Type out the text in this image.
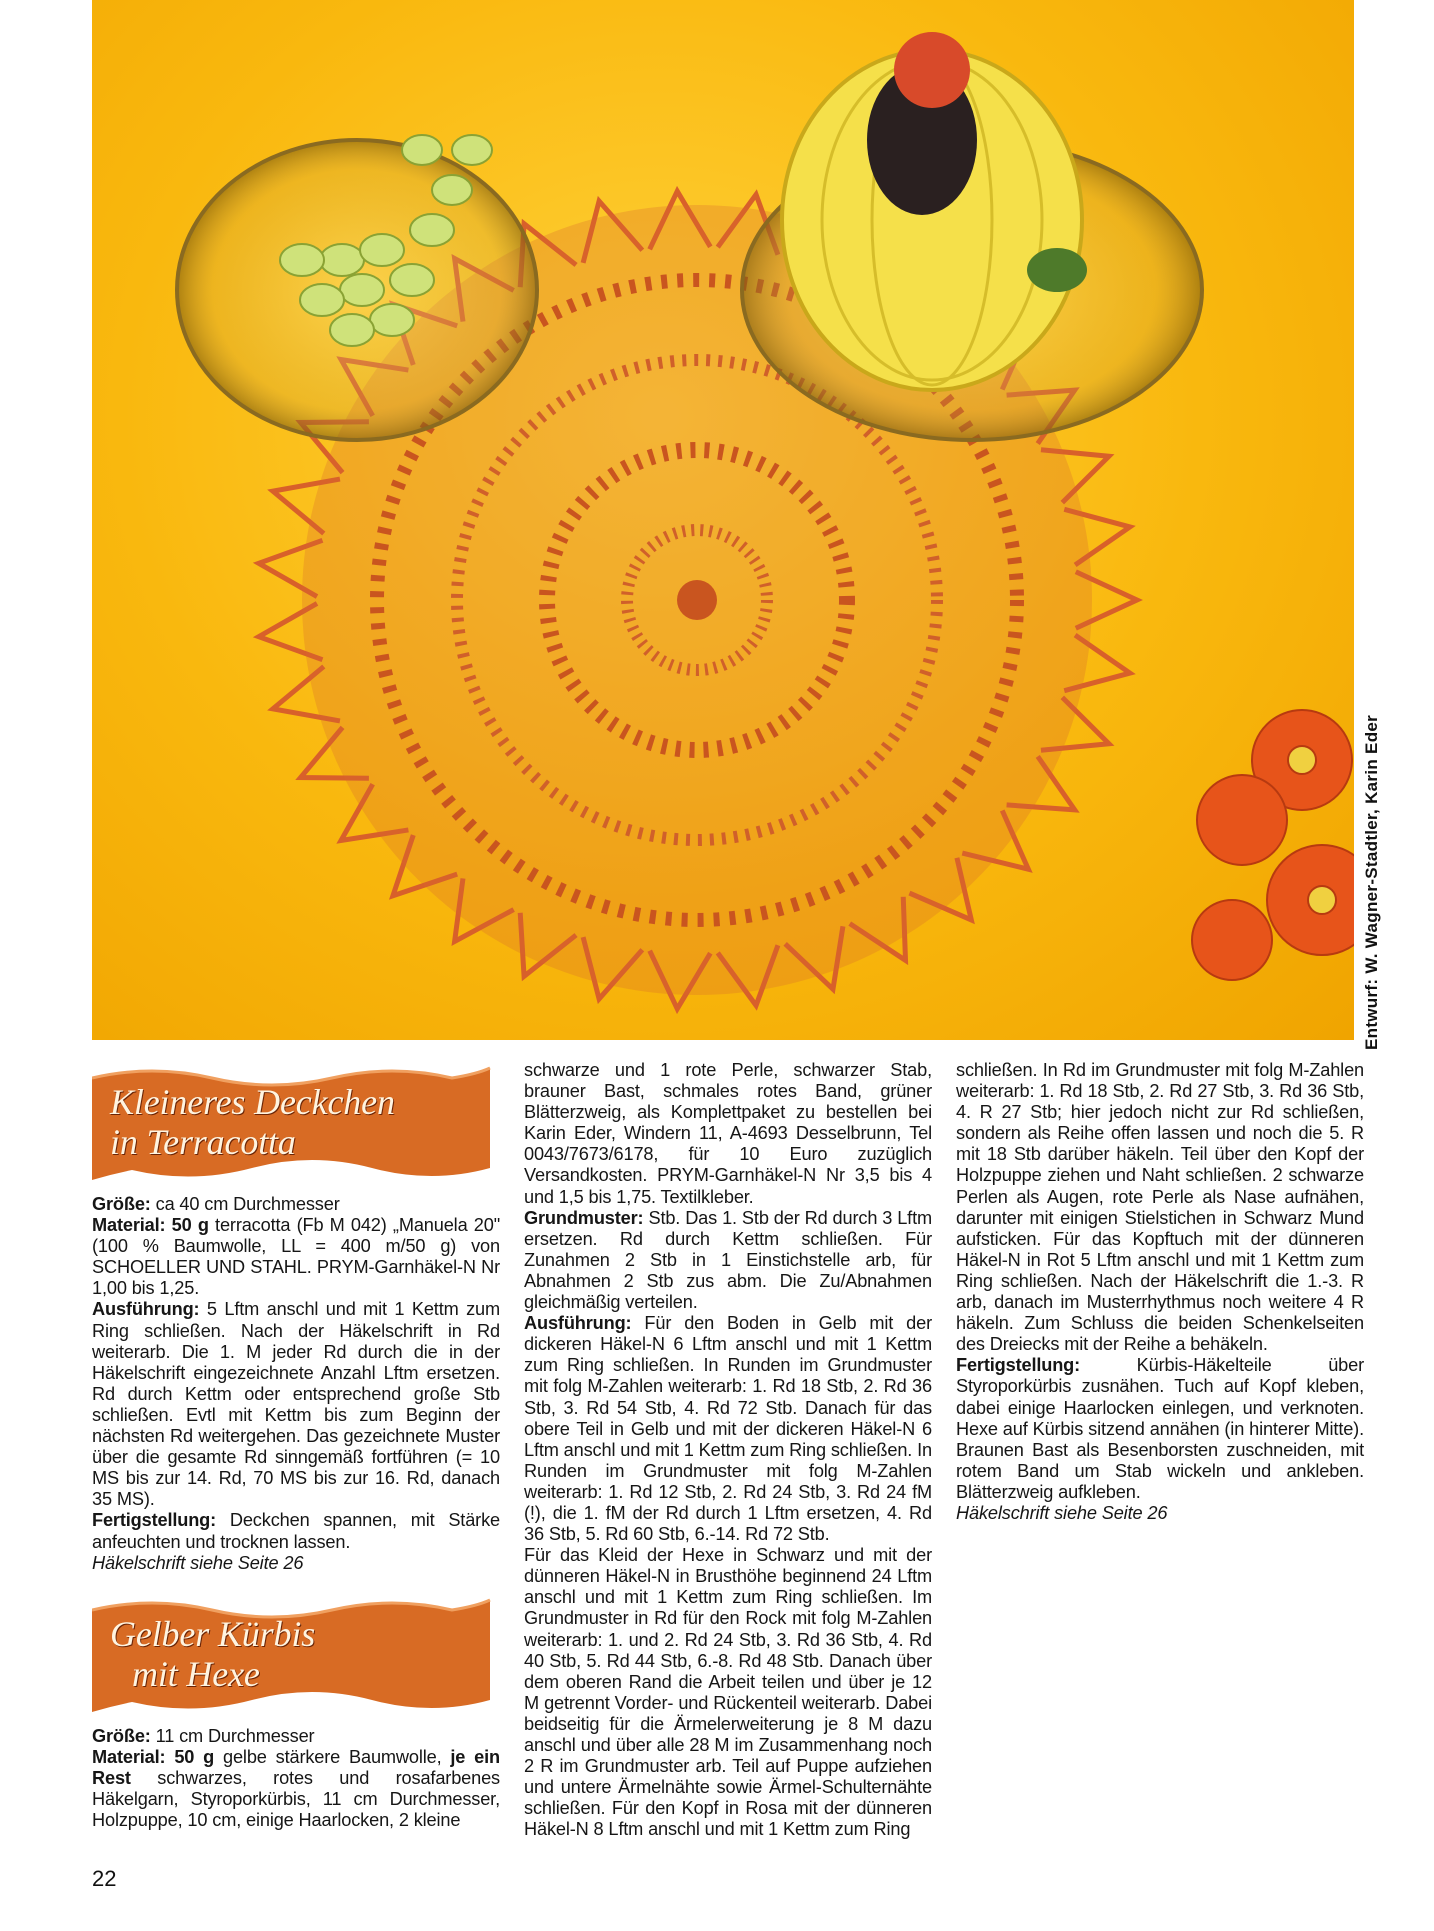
Entwurf: W. Wagner-Stadtler, Karin Eder
Kleineres Deckchen
in Terracotta

Größe: ca 40 cm Durchmesser

Material: 50 g terracotta (Fb M 042) „Manuela 20" (100 % Baumwolle, LL = 400 m/50 g) von SCHOELLER UND STAHL. PRYM-Garnhäkel-N Nr 1,00 bis 1,25.

Ausführung: 5 Lftm anschl und mit 1 Kettm zum Ring schließen. Nach der Häkelschrift in Rd weiterarb. Die 1. M jeder Rd durch die in der Häkelschrift eingezeichnete Anzahl Lftm ersetzen. Rd durch Kettm oder entsprechend große Stb schließen. Evtl mit Kettm bis zum Beginn der nächsten Rd weitergehen. Das gezeichnete Muster über die gesamte Rd sinngemäß fortführen (= 10 MS bis zur 14. Rd, 70 MS bis zur 16. Rd, danach 35 MS).

Fertigstellung: Deckchen spannen, mit Stärke anfeuchten und trocknen lassen.

Häkelschrift siehe Seite 26

Gelber Kürbis
mit Hexe

Größe: 11 cm Durchmesser

Material: 50 g gelbe stärkere Baumwolle, je ein Rest schwarzes, rotes und rosafarbenes Häkelgarn, Styroporkürbis, 11 cm Durchmesser, Holzpuppe, 10 cm, einige Haarlocken, 2 kleine

schwarze und 1 rote Perle, schwarzer Stab, brauner Bast, schmales rotes Band, grüner Blätterzweig, als Komplettpaket zu bestellen bei Karin Eder, Windern 11, A-4693 Desselbrunn, Tel 0043/7673/6178, für 10 Euro zuzüglich Versandkosten. PRYM-Garnhäkel-N Nr 3,5 bis 4 und 1,5 bis 1,75. Textilkleber.

Grundmuster: Stb. Das 1. Stb der Rd durch 3 Lftm ersetzen. Rd durch Kettm schließen. Für Zunahmen 2 Stb in 1 Einstichstelle arb, für Abnahmen 2 Stb zus abm. Die Zu/Abnahmen gleichmäßig verteilen.

Ausführung: Für den Boden in Gelb mit der dickeren Häkel-N 6 Lftm anschl und mit 1 Kettm zum Ring schließen. In Runden im Grundmuster mit folg M-Zahlen weiterarb: 1. Rd 18 Stb, 2. Rd 36 Stb, 3. Rd 54 Stb, 4. Rd 72 Stb. Danach für das obere Teil in Gelb und mit der dickeren Häkel-N 6 Lftm anschl und mit 1 Kettm zum Ring schließen. In Runden im Grundmuster mit folg M-Zahlen weiterarb: 1. Rd 12 Stb, 2. Rd 24 Stb, 3. Rd 24 fM (!), die 1. fM der Rd durch 1 Lftm ersetzen, 4. Rd 36 Stb, 5. Rd 60 Stb, 6.-14. Rd 72 Stb.

Für das Kleid der Hexe in Schwarz und mit der dünneren Häkel-N in Brusthöhe beginnend 24 Lftm anschl und mit 1 Kettm zum Ring schließen. Im Grundmuster in Rd für den Rock mit folg M-Zahlen weiterarb: 1. und 2. Rd 24 Stb, 3. Rd 36 Stb, 4. Rd 40 Stb, 5. Rd 44 Stb, 6.-8. Rd 48 Stb. Danach über dem oberen Rand die Arbeit teilen und über je 12 M getrennt Vorder- und Rückenteil weiterarb. Dabei beidseitig für die Ärmelerweiterung je 8 M dazu anschl und über alle 28 M im Zusammenhang noch 2 R im Grundmuster arb. Teil auf Puppe aufziehen und untere Ärmelnähte sowie Ärmel-Schulternähte schließen. Für den Kopf in Rosa mit der dünneren Häkel-N 8 Lftm anschl und mit 1 Kettm zum Ring

schließen. In Rd im Grundmuster mit folg M-Zahlen weiterarb: 1. Rd 18 Stb, 2. Rd 27 Stb, 3. Rd 36 Stb, 4. R 27 Stb; hier jedoch nicht zur Rd schließen, sondern als Reihe offen lassen und noch die 5. R mit 18 Stb darüber häkeln. Teil über den Kopf der Holzpuppe ziehen und Naht schließen. 2 schwarze Perlen als Augen, rote Perle als Nase aufnähen, darunter mit einigen Stielstichen in Schwarz Mund aufsticken. Für das Kopftuch mit der dünneren Häkel-N in Rot 5 Lftm anschl und mit 1 Kettm zum Ring schließen. Nach der Häkelschrift die 1.-3. R arb, danach im Musterrhythmus noch weitere 4 R häkeln. Zum Schluss die beiden Schenkelseiten des Dreiecks mit der Reihe a behäkeln.

Fertigstellung: Kürbis-Häkelteile über Styroporkürbis zusnähen. Tuch auf Kopf kleben, dabei einige Haarlocken einlegen, und verknoten. Hexe auf Kürbis sitzend annähen (in hinterer Mitte). Braunen Bast als Besenborsten zuschneiden, mit rotem Band um Stab wickeln und ankleben. Blätterzweig aufkleben.

Häkelschrift siehe Seite 26

22
